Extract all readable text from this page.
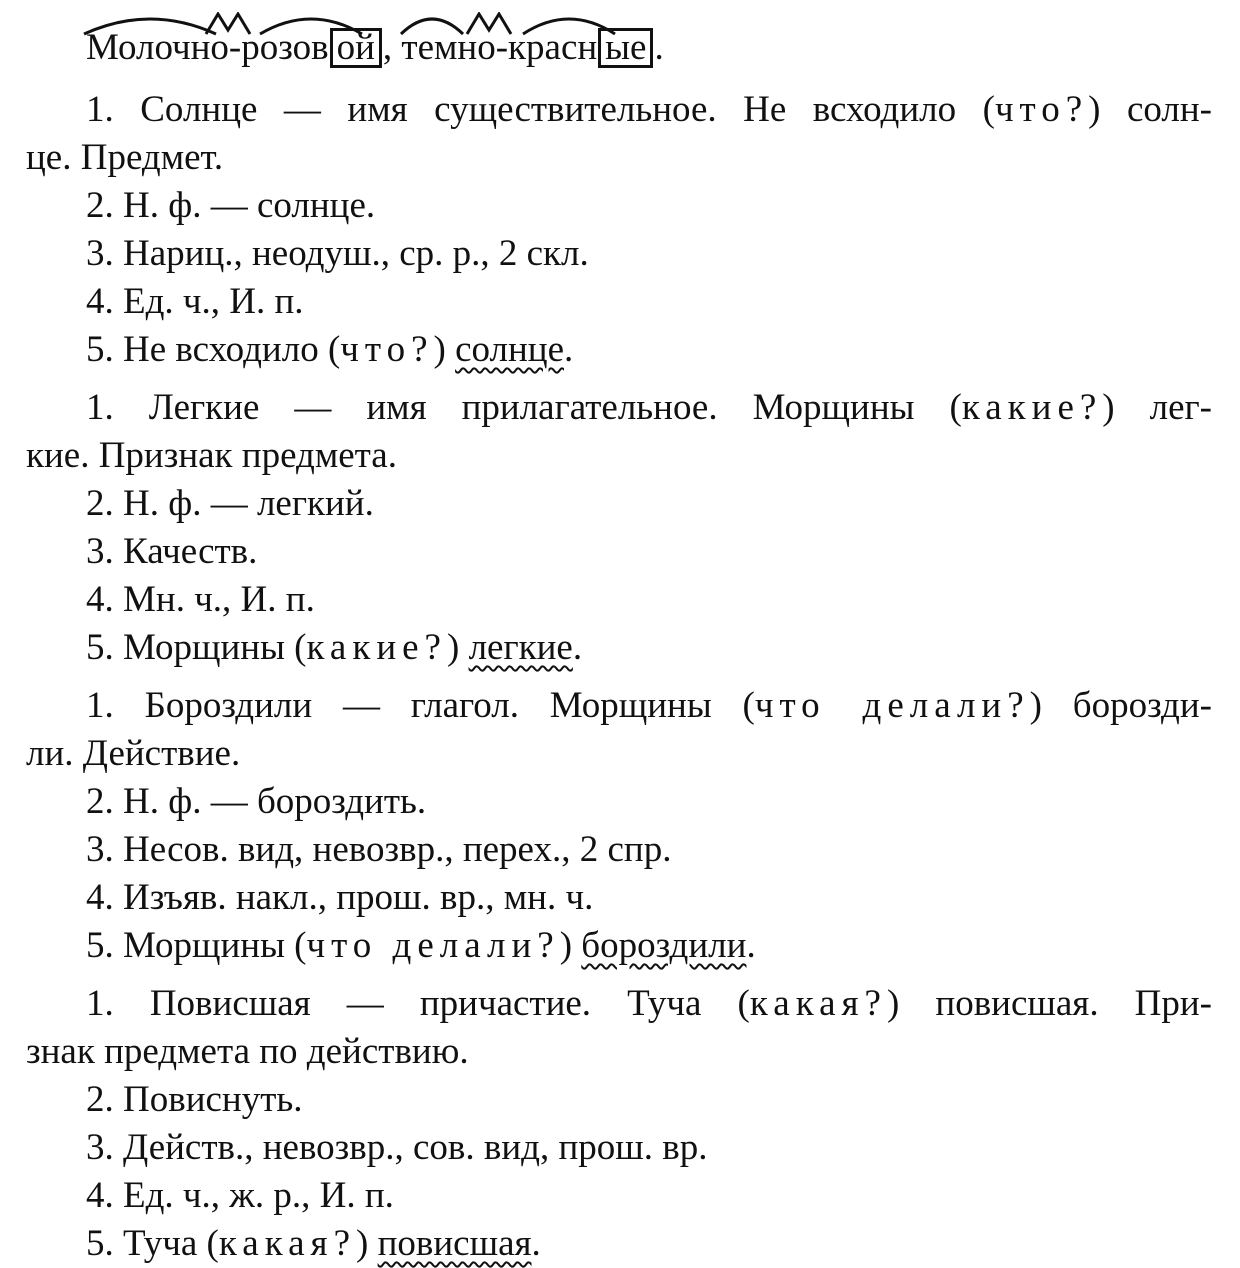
Молочно-розов ой ,
темно-красн ые .
1. Солнце — имя существительное. Не всходило (что?) солн-
це. Предмет.
2. Н. ф. — солнце.
3. Нариц., неодуш., ср. р., 2 скл.
4. Ед. ч., И. п.
5. Не всходило (что?) солнце.
1. Легкие — имя прилагательное. Морщины (какие?) лег-
кие. Признак предмета.
2. Н. ф. — легкий.
3. Качеств.
4. Мн. ч., И. п.
5. Морщины (какие?) легкие.
1. Бороздили — глагол. Морщины (что делали?) борозди-
ли. Действие.
2. Н. ф. — бороздить.
3. Несов. вид, невозвр., перех., 2 спр.
4. Изъяв. накл., прош. вр., мн. ч.
5. Морщины (что делали?) бороздили.
1. Повисшая — причастие. Туча (какая?) повисшая. При-
знак предмета по действию.
2. Повиснуть.
3. Действ., невозвр., сов. вид, прош. вр.
4. Ед. ч., ж. р., И. п.
5. Туча (какая?) повисшая.
